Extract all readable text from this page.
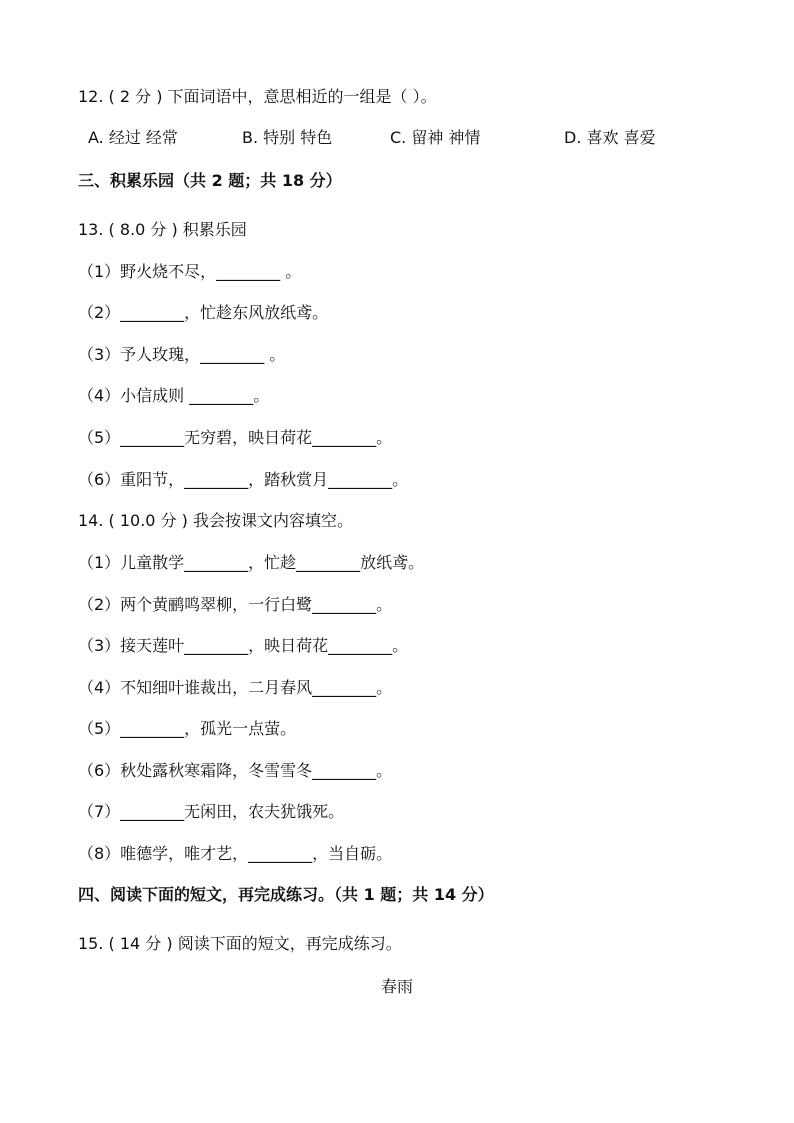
12. ( 2 分 ) 下面词语中，意思相近的一组是（ ）。
A. 经过 经常	B. 特别 特色	C. 留神 神情	D. 喜欢 喜爱
三、积累乐园（共 2 题；共 18 分）
13. ( 8.0 分 ) 积累乐园
（1）野火烧不尽，________ 。
（2）________，忙趁东风放纸鸢。
（3）予人玫瑰，________ 。
（4）小信成则 ________。
（5）________无穷碧，映日荷花________。
（6）重阳节，________，踏秋赏月________。
14. ( 10.0 分 ) 我会按课文内容填空。
（1）儿童散学________，忙趁________放纸鸢。
（2）两个黄鹂鸣翠柳，一行白鹭________。
（3）接天莲叶________，映日荷花________。
（4）不知细叶谁裁出，二月春风________。
（5）________，孤光一点萤。
（6）秋处露秋寒霜降，冬雪雪冬________。
（7）________无闲田，农夫犹饿死。
（8）唯德学，唯才艺，________，当自砺。
四、阅读下面的短文，再完成练习。（共 1 题；共 14 分）
15. ( 14 分 ) 阅读下面的短文，再完成练习。
春雨
